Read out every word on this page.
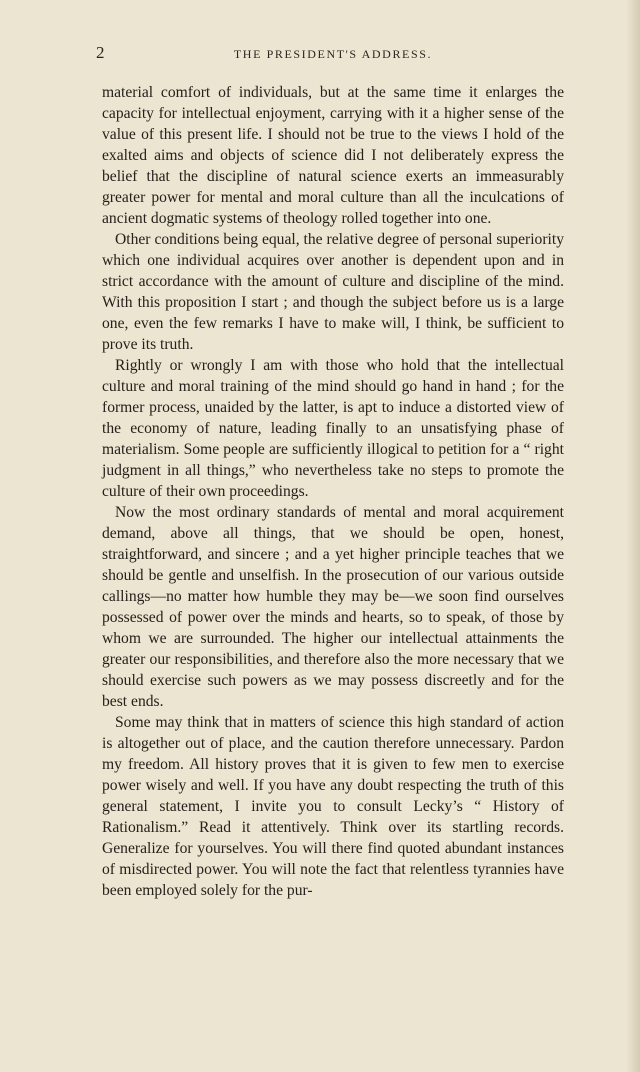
2	THE PRESIDENT'S ADDRESS.

material comfort of individuals, but at the same time it enlarges the capacity for intellectual enjoyment, carrying with it a higher sense of the value of this present life. I should not be true to the views I hold of the exalted aims and objects of science did I not deliberately express the belief that the discipline of natural science exerts an immeasurably greater power for mental and moral culture than all the inculcations of ancient dogmatic systems of theology rolled together into one.

Other conditions being equal, the relative degree of personal superiority which one individual acquires over another is dependent upon and in strict accordance with the amount of culture and discipline of the mind. With this proposition I start ; and though the subject before us is a large one, even the few remarks I have to make will, I think, be sufficient to prove its truth.

Rightly or wrongly I am with those who hold that the intellectual culture and moral training of the mind should go hand in hand ; for the former process, unaided by the latter, is apt to induce a distorted view of the economy of nature, leading finally to an unsatisfying phase of materialism. Some people are sufficiently illogical to petition for a “ right judgment in all things,” who nevertheless take no steps to promote the culture of their own proceedings.

Now the most ordinary standards of mental and moral acquirement demand, above all things, that we should be open, honest, straightforward, and sincere ; and a yet higher principle teaches that we should be gentle and unselfish. In the prosecution of our various outside callings—no matter how humble they may be—we soon find ourselves possessed of power over the minds and hearts, so to speak, of those by whom we are surrounded. The higher our intellectual attainments the greater our responsibilities, and therefore also the more necessary that we should exercise such powers as we may possess discreetly and for the best ends.

Some may think that in matters of science this high standard of action is altogether out of place, and the caution therefore unnecessary. Pardon my freedom. All history proves that it is given to few men to exercise power wisely and well. If you have any doubt respecting the truth of this general statement, I invite you to consult Lecky’s “ History of Rationalism.” Read it attentively. Think over its startling records. Generalize for yourselves. You will there find quoted abundant instances of misdirected power. You will note the fact that relentless tyrannies have been employed solely for the pur-
